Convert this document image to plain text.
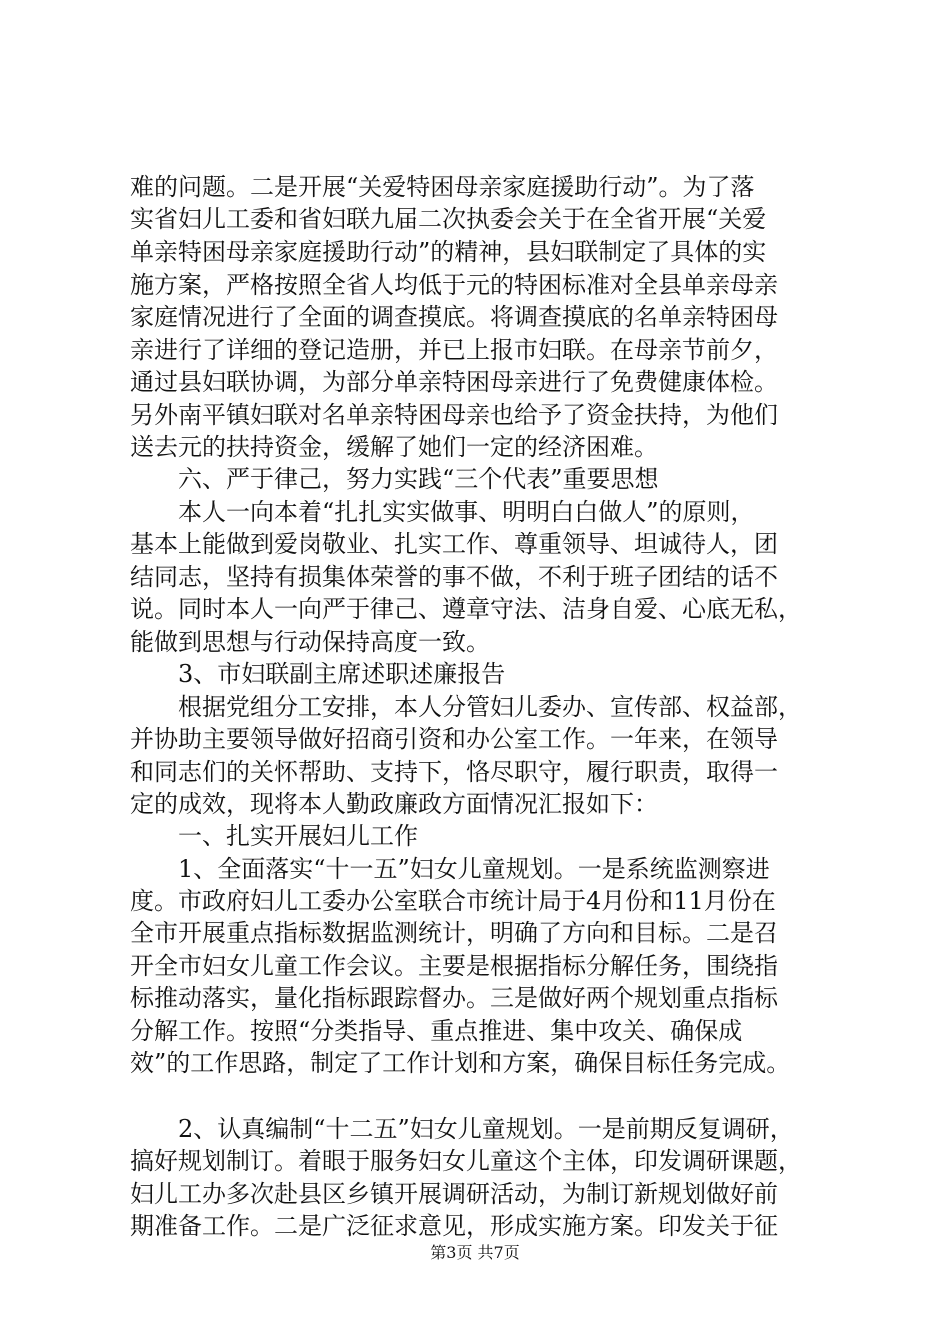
难的问题。二是开展“关爱特困母亲家庭援助行动”。为了落
实省妇儿工委和省妇联九届二次执委会关于在全省开展“关爱
单亲特困母亲家庭援助行动”的精神，县妇联制定了具体的实
施方案，严格按照全省人均低于元的特困标准对全县单亲母亲
家庭情况进行了全面的调查摸底。将调查摸底的名单亲特困母
亲进行了详细的登记造册，并已上报市妇联。在母亲节前夕，
通过县妇联协调，为部分单亲特困母亲进行了免费健康体检。
另外南平镇妇联对名单亲特困母亲也给予了资金扶持，为他们
送去元的扶持资金，缓解了她们一定的经济困难。
六、严于律己，努力实践“三个代表”重要思想
本人一向本着“扎扎实实做事、明明白白做人”的原则，
基本上能做到爱岗敬业、扎实工作、尊重领导、坦诚待人，团
结同志，坚持有损集体荣誉的事不做，不利于班子团结的话不
说。同时本人一向严于律己、遵章守法、洁身自爱、心底无私，
能做到思想与行动保持高度一致。
3、市妇联副主席述职述廉报告
根据党组分工安排，本人分管妇儿委办、宣传部、权益部，
并协助主要领导做好招商引资和办公室工作。一年来，在领导
和同志们的关怀帮助、支持下，恪尽职守，履行职责，取得一
定的成效，现将本人勤政廉政方面情况汇报如下：
一、扎实开展妇儿工作
1、全面落实“十一五”妇女儿童规划。一是系统监测察进
度。市政府妇儿工委办公室联合市统计局于4月份和11月份在
全市开展重点指标数据监测统计，明确了方向和目标。二是召
开全市妇女儿童工作会议。主要是根据指标分解任务，围绕指
标推动落实，量化指标跟踪督办。三是做好两个规划重点指标
分解工作。按照“分类指导、重点推进、集中攻关、确保成
效”的工作思路，制定了工作计划和方案，确保目标任务完成。
2、认真编制“十二五”妇女儿童规划。一是前期反复调研，
搞好规划制订。着眼于服务妇女儿童这个主体，印发调研课题，
妇儿工办多次赴县区乡镇开展调研活动，为制订新规划做好前
期准备工作。二是广泛征求意见，形成实施方案。印发关于征
第3页 共7页
